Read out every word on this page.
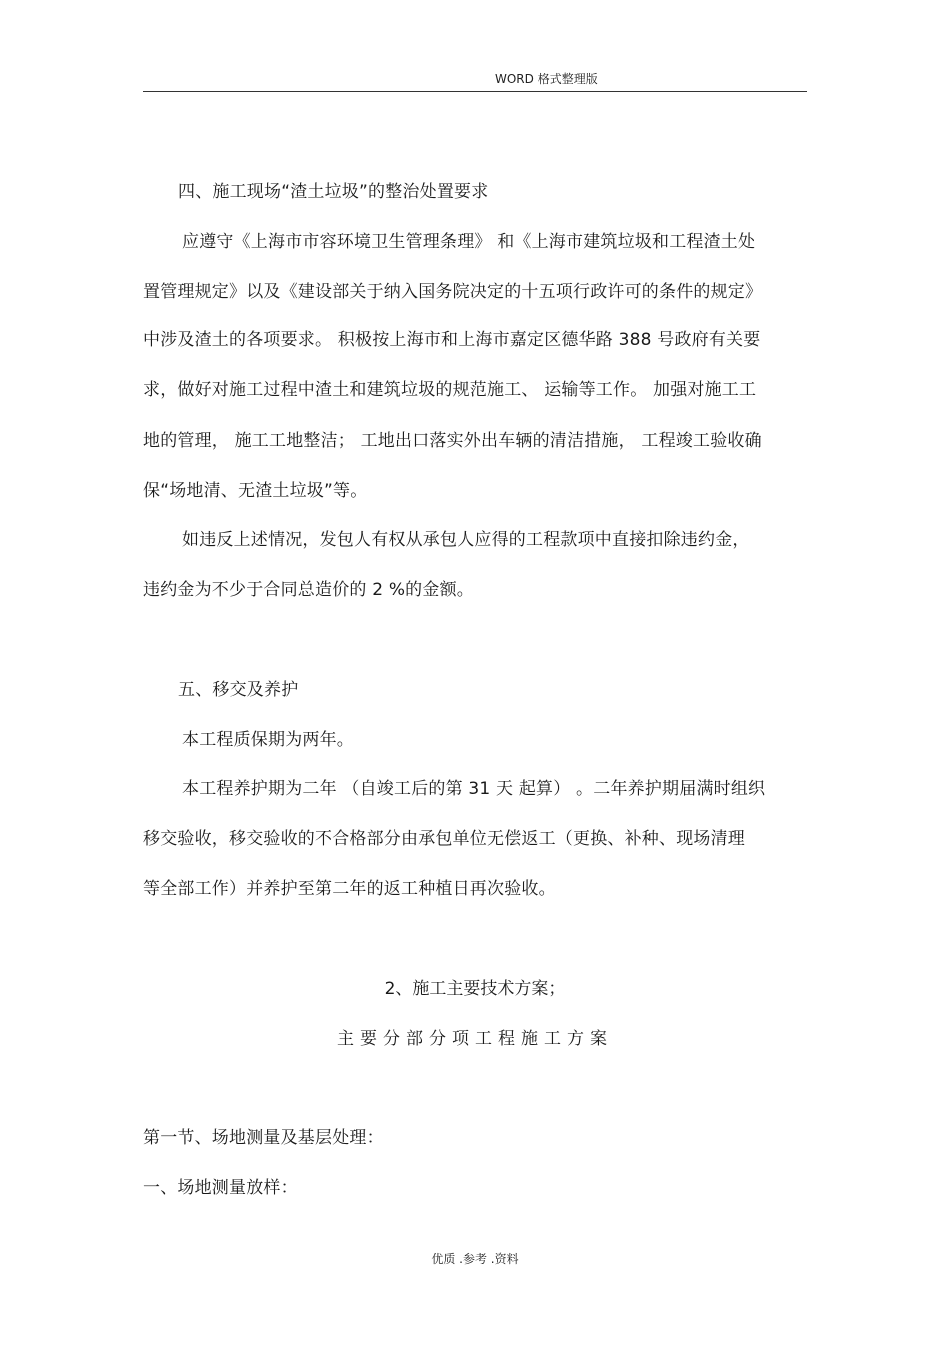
WORD 格式整理版
四、施工现场“渣土垃圾”的整治处置要求
应遵守《上海市市容环境卫生管理条理》 和《上海市建筑垃圾和工程渣土处
置管理规定》以及《建设部关于纳入国务院决定的十五项行政许可的条件的规定》
中涉及渣土的各项要求。 积极按上海市和上海市嘉定区德华路 388 号政府有关要
求，做好对施工过程中渣土和建筑垃圾的规范施工、 运输等工作。 加强对施工工
地的管理， 施工工地整洁； 工地出口落实外出车辆的清洁措施， 工程竣工验收确
保“场地清、无渣土垃圾”等。
如违反上述情况，发包人有权从承包人应得的工程款项中直接扣除违约金，
违约金为不少于合同总造价的 2 %的金额。
五、移交及养护
本工程质保期为两年。
本工程养护期为二年 （自竣工后的第 31 天 起算） 。二年养护期届满时组织
移交验收，移交验收的不合格部分由承包单位无偿返工（更换、补种、现场清理
等全部工作）并养护至第二年的返工种植日再次验收。
2、施工主要技术方案；
主要分部分项工程施工方案
第一节、场地测量及基层处理：
一、场地测量放样：
优质 .参考 .资料
